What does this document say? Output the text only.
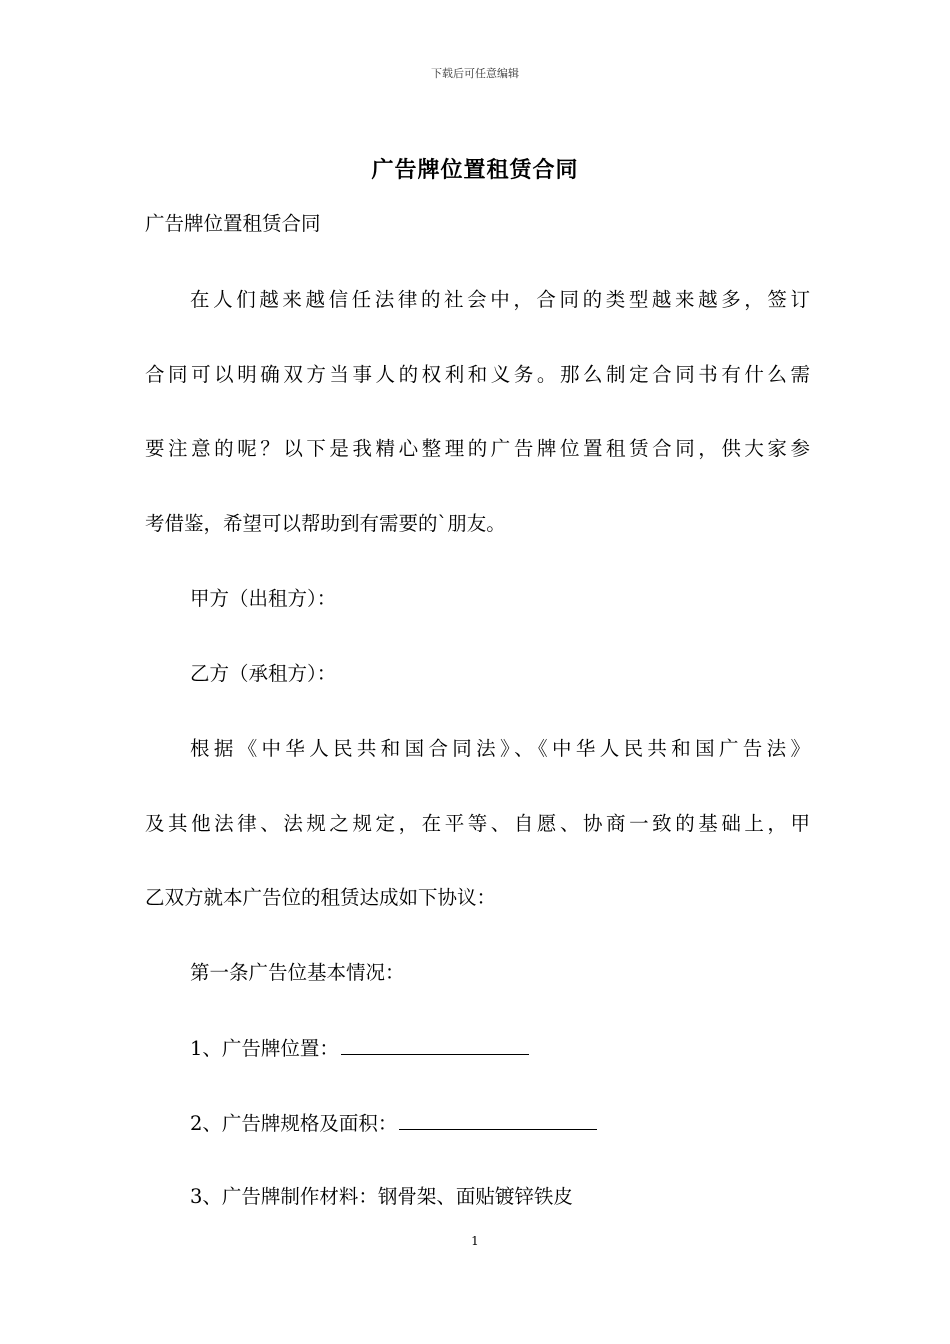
下载后可任意编辑
广告牌位置租赁合同
广告牌位置租赁合同
在人们越来越信任法律的社会中，合同的类型越来越多，签订
合同可以明确双方当事人的权利和义务。那么制定合同书有什么需
要注意的呢？以下是我精心整理的广告牌位置租赁合同，供大家参
考借鉴，希望可以帮助到有需要的`朋友。
甲方（出租方）：
乙方（承租方）：
根据《中华人民共和国合同法》、《中华人民共和国广告法》
及其他法律、法规之规定，在平等、自愿、协商一致的基础上，甲
乙双方就本广告位的租赁达成如下协议：
第一条广告位基本情况：
1、广告牌位置：
2、广告牌规格及面积：
3、广告牌制作材料：钢骨架、面贴镀锌铁皮
1
